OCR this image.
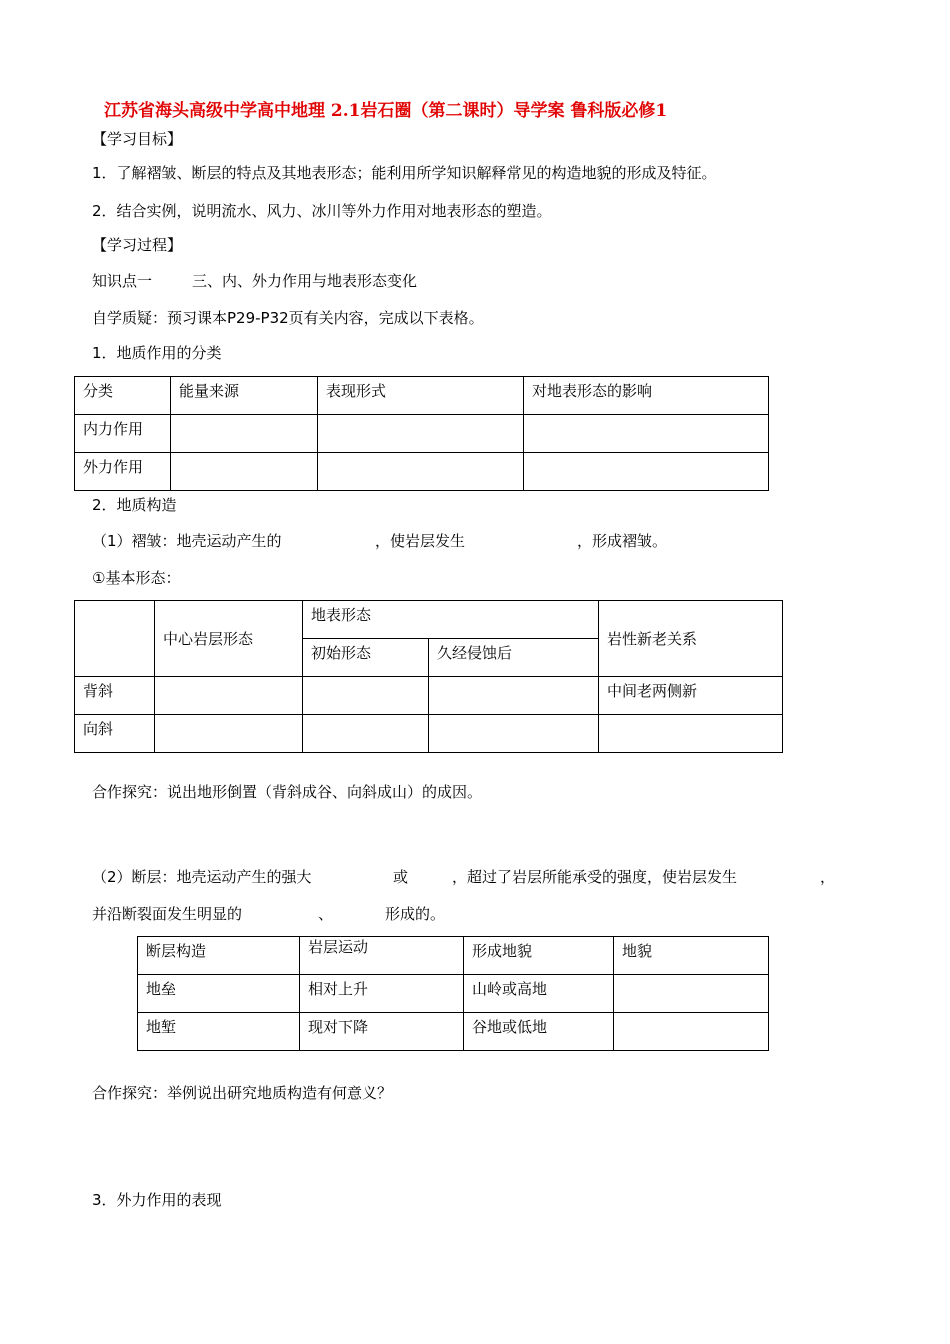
江苏省海头高级中学高中地理 2.1岩石圈（第二课时）导学案 鲁科版必修1
【学习目标】
1．了解褶皱、断层的特点及其地表形态；能利用所学知识解释常见的构造地貌的形成及特征。
2．结合实例，说明流水、风力、冰川等外力作用对地表形态的塑造。
【学习过程】
知识点一	三、内、外力作用与地表形态变化
自学质疑：预习课本P29-P32页有关内容，完成以下表格。
1．地质作用的分类
分类	能量来源	表现形式	对地表形态的影响
内力作用			
外力作用			
2．地质构造
（1）褶皱：地壳运动产生的	，使岩层发生	，形成褶皱。
①基本形态：
	中心岩层形态	地表形态		岩性新老关系
		初始形态	久经侵蚀后	
背斜				中间老两侧新
向斜				
合作探究：说出地形倒置（背斜成谷、向斜成山）的成因。
（2）断层：地壳运动产生的强大	或	，超过了岩层所能承受的强度，使岩层发生	，
并沿断裂面发生明显的	、	形成的。
断层构造	岩层运动	形成地貌	地貌
地垒	相对上升	山岭或高地	
地堑	现对下降	谷地或低地	
合作探究：举例说出研究地质构造有何意义？
3．外力作用的表现
